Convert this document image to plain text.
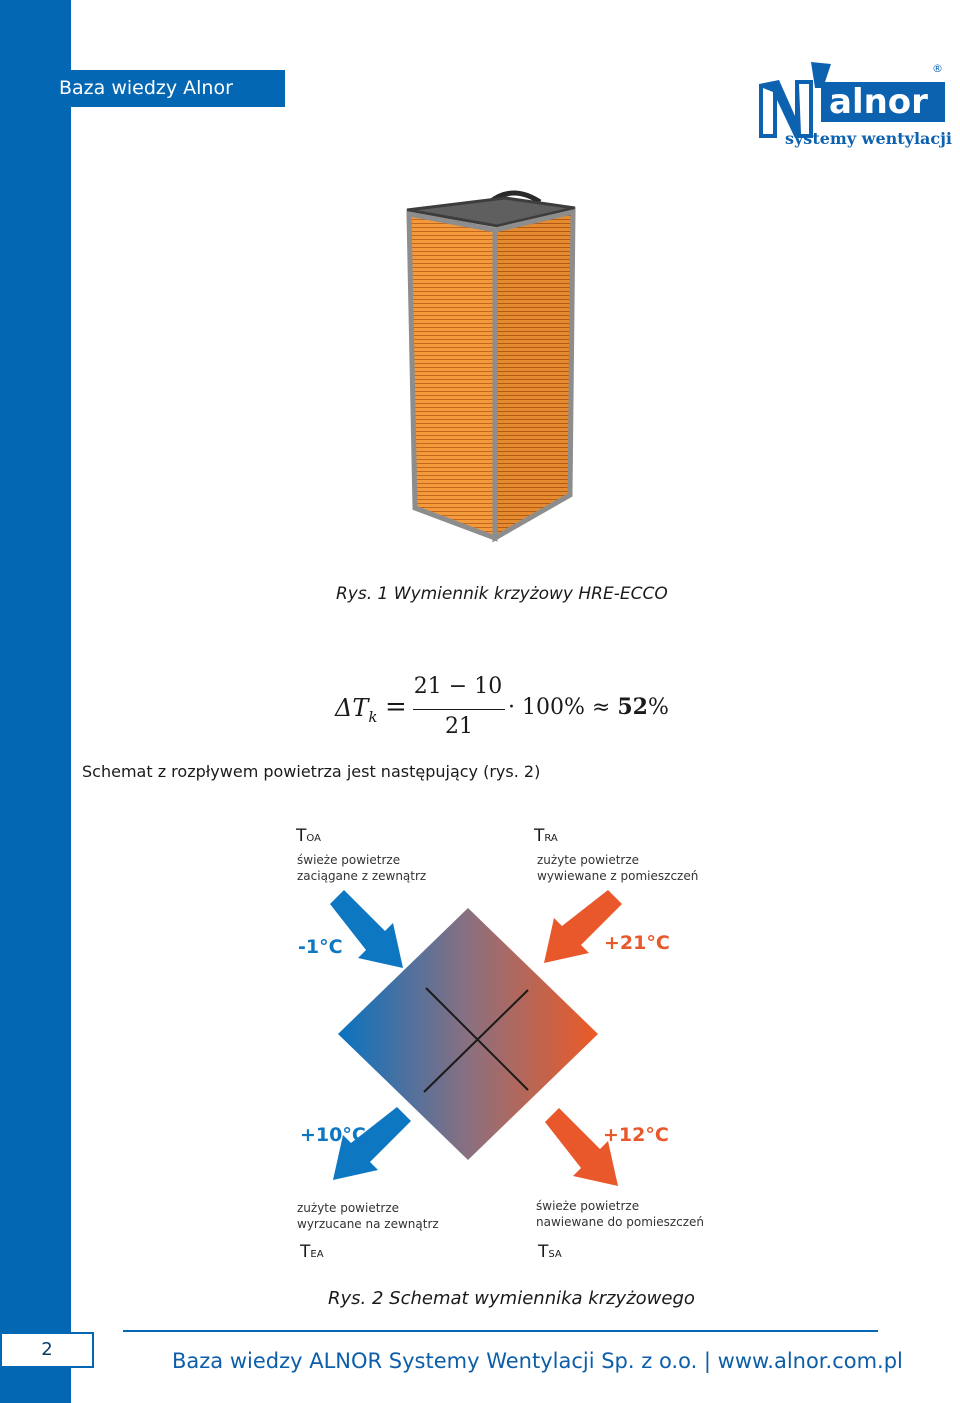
Baza wiedzy Alnor	alnor
®
systemy wentylacji
Rys. 1 Wymiennik krzyżowy HRE-ECCO
$\Delta T_k$ =
21 − 10
21
· 100% ≈ 52%
Schemat z rozpływem powietrza jest następujący (rys. 2)
TOA
świeże powietrze
zaciągane z zewnątrz
TRA
zużyte powietrze
wywiewane z pomieszczeń
-1°C	+21°C
+10°C	+12°C
zużyte powietrze
wyrzucane na zewnątrz
TEA
świeże powietrze
nawiewane do pomieszczeń
TSA
Rys. 2 Schemat wymiennika krzyżowego
2	Baza wiedzy ALNOR Systemy Wentylacji Sp. z o.o. | www.alnor.com.pl
